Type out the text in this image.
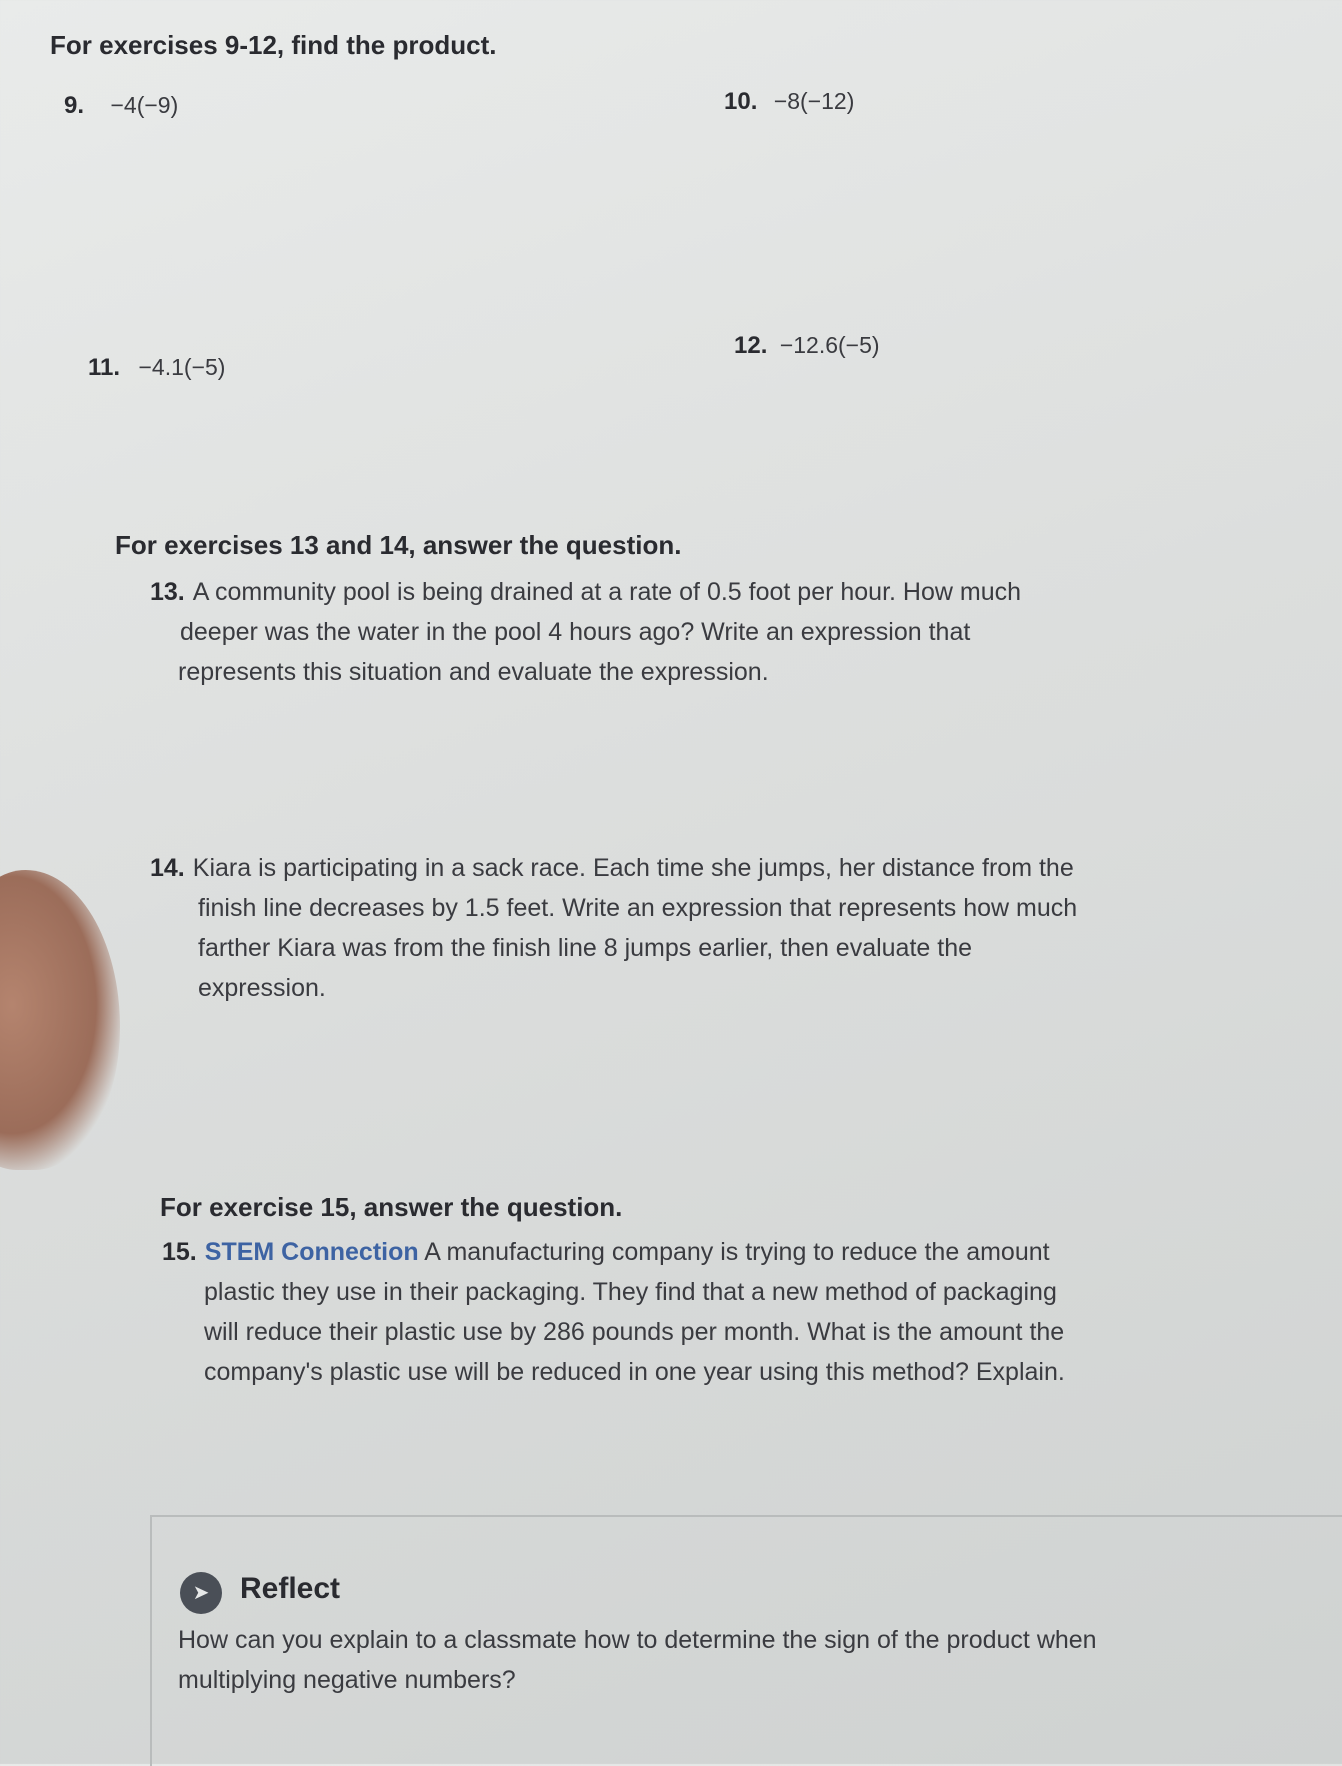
For exercises 9-12, find the product.
9. −4(−9)	10. −8(−12)
11. −4.1(−5)
12. −12.6(−5)
For exercises 13 and 14, answer the question.
13. A community pool is being drained at a rate of 0.5 foot per hour. How much
deeper was the water in the pool 4 hours ago? Write an expression that
represents this situation and evaluate the expression.
14. Kiara is participating in a sack race. Each time she jumps, her distance from the
finish line decreases by 1.5 feet. Write an expression that represents how much
farther Kiara was from the finish line 8 jumps earlier, then evaluate the
expression.
For exercise 15, answer the question.
15. STEM Connection A manufacturing company is trying to reduce the amount
plastic they use in their packaging. They find that a new method of packaging
will reduce their plastic use by 286 pounds per month. What is the amount the
company's plastic use will be reduced in one year using this method? Explain.
➤	Reflect
How can you explain to a classmate how to determine the sign of the product when
multiplying negative numbers?
